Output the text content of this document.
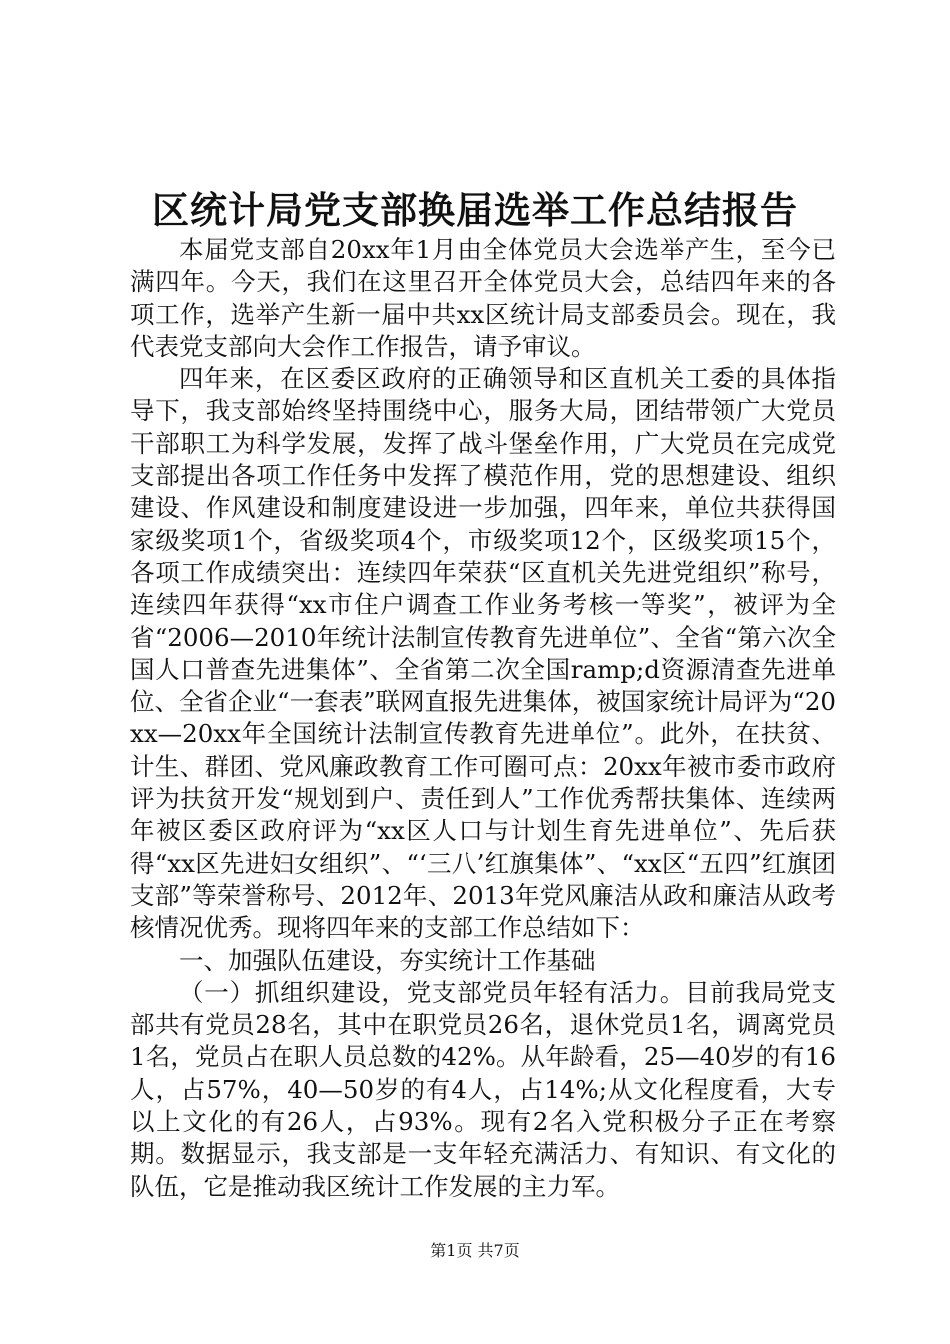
区统计局党支部换届选举工作总结报告

本届党支部自20xx年1月由全体党员大会选举产生，至今已满四年。今天，我们在这里召开全体党员大会，总结四年来的各项工作，选举产生新一届中共xx区统计局支部委员会。现在，我代表党支部向大会作工作报告，请予审议。

四年来，在区委区政府的正确领导和区直机关工委的具体指导下，我支部始终坚持围绕中心，服务大局，团结带领广大党员干部职工为科学发展，发挥了战斗堡垒作用，广大党员在完成党支部提出各项工作任务中发挥了模范作用，党的思想建设、组织建设、作风建设和制度建设进一步加强，四年来，单位共获得国家级奖项1个，省级奖项4个，市级奖项12个，区级奖项15个，各项工作成绩突出：连续四年荣获“区直机关先进党组织”称号，连续四年获得“xx市住户调查工作业务考核一等奖”，被评为全省“2006—2010年统计法制宣传教育先进单位”、全省“第六次全国人口普查先进集体”、全省第二次全国ramp;d资源清查先进单位、全省企业“一套表”联网直报先进集体，被国家统计局评为“20xx—20xx年全国统计法制宣传教育先进单位”。此外，在扶贫、计生、群团、党风廉政教育工作可圈可点：20xx年被市委市政府评为扶贫开发“规划到户、责任到人”工作优秀帮扶集体、连续两年被区委区政府评为“xx区人口与计划生育先进单位”、先后获得“xx区先进妇女组织”、“‘三八’红旗集体”、“xx区“五四”红旗团支部”等荣誉称号、2012年、2013年党风廉洁从政和廉洁从政考核情况优秀。现将四年来的支部工作总结如下：

一、加强队伍建设，夯实统计工作基础

（一）抓组织建设，党支部党员年轻有活力。目前我局党支部共有党员28名，其中在职党员26名，退休党员1名，调离党员1名，党员占在职人员总数的42%。从年龄看，25—40岁的有16人，占57%，40—50岁的有4人，占14%;从文化程度看，大专以上文化的有26人，占93%。现有2名入党积极分子正在考察期。数据显示，我支部是一支年轻充满活力、有知识、有文化的队伍，它是推动我区统计工作发展的主力军。

第1页 共7页
